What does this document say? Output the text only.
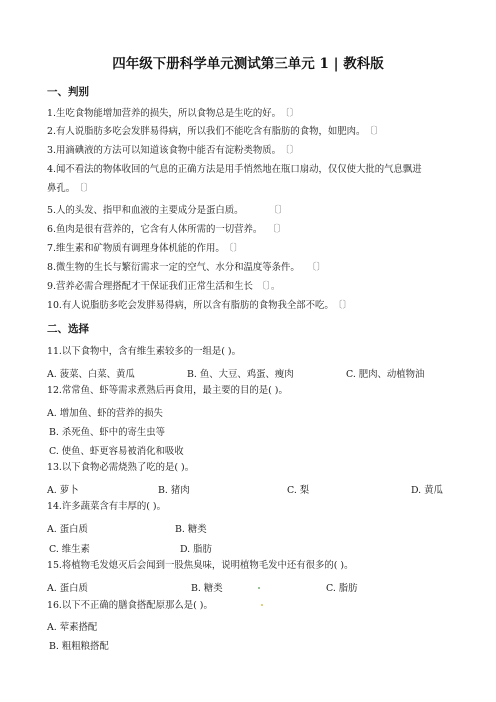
四年级下册科学单元测试第三单元 1 | 教科版
一、判别
1.生吃食物能增加营养的损失，所以食物总是生吃的好。 〔〕
2.有人说脂肪多吃会发胖易得病，所以我们不能吃含有脂肪的食物，如肥肉。 〔〕
3.用滴碘液的方法可以知道该食物中能否有淀粉类物质。 〔〕
4.闻不看法的物体收回的气息的正确方法是用手悄然地在瓶口扇动，仅仅使大批的气息飘进
鼻孔。 〔〕
5.人的头发、指甲和血液的主要成分是蛋白质。	〔〕
6.鱼肉是很有营养的，它含有人体所需的一切营养。 〔〕
7.维生素和矿物质有调理身体机能的作用。 〔〕
8.微生物的生长与繁衍需求一定的空气、水分和温度等条件。 〔〕
9.营养必需合理搭配才干保证我们正常生活和生长 〔〕。
10.有人说脂肪多吃会发胖易得病，所以含有脂肪的食物我全部不吃。 〔〕
二、选择
11.以下食物中，含有维生素较多的一组是( )。
A. 菠菜、白菜、黄瓜	B. 鱼、大豆、鸡蛋、瘦肉	C. 肥肉、动植物油
12.常常鱼、虾等需求煮熟后再食用，最主要的目的是( )。
A. 增加鱼、虾的营养的损失
B. 杀死鱼、虾中的寄生虫等
C. 使鱼、虾更容易被消化和吸收
13.以下食物必需烧熟了吃的是( )。
A. 萝卜	B. 猪肉	C. 梨	D. 黄瓜
14.许多蔬菜含有丰厚的( )。
A. 蛋白质	B. 糖类
C. 维生素	D. 脂肪
15.将植物毛发熄灭后会闻到一股焦臭味，说明植物毛发中还有很多的( )。
A. 蛋白质	B. 糖类	C. 脂肪
16.以下不正确的膳食搭配原那么是( )。
A. 荤素搭配
B. 粗粗粮搭配
